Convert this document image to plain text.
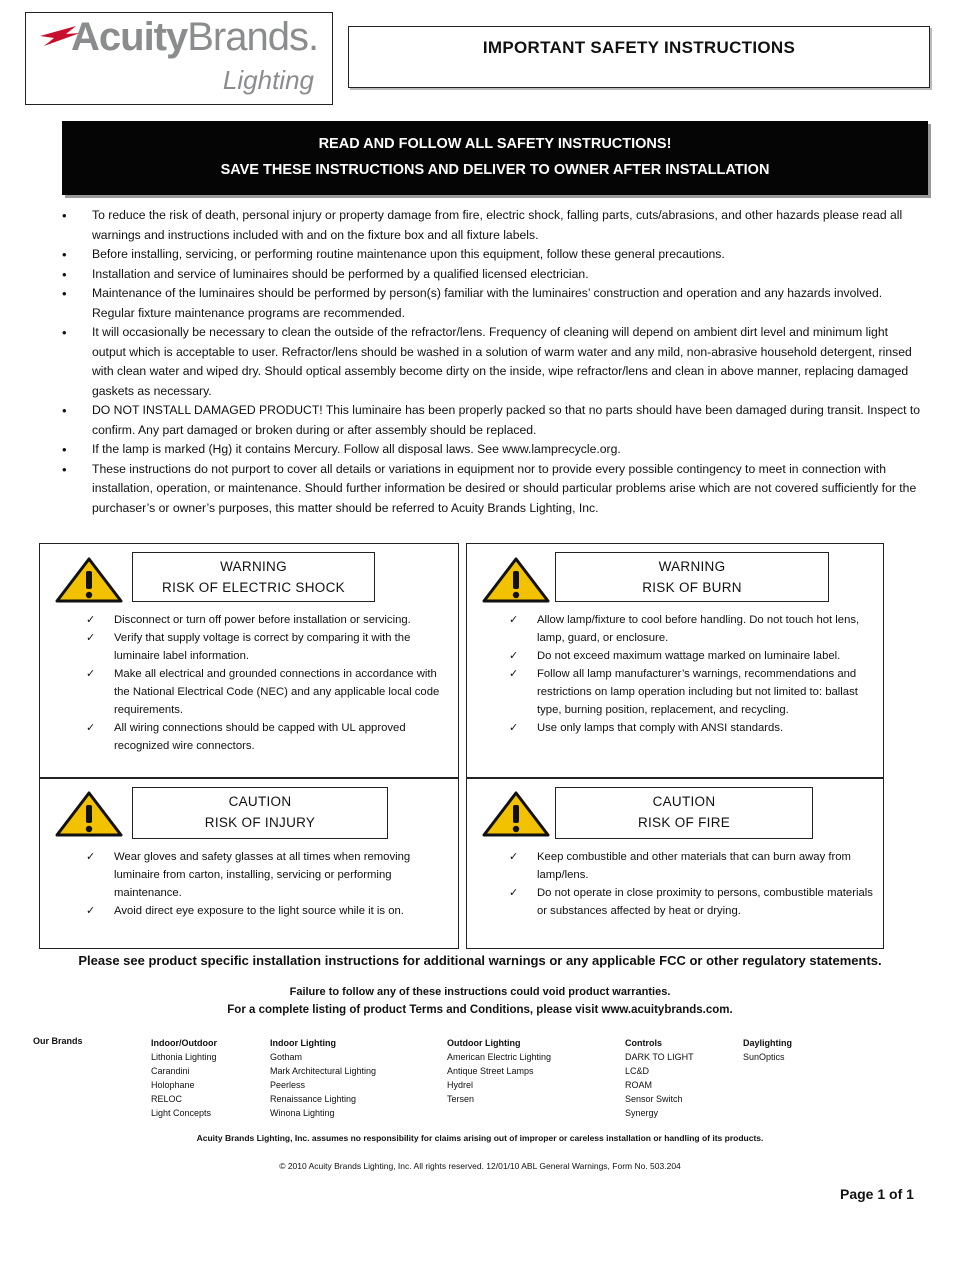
AcuityBrands.
Lighting
IMPORTANT SAFETY INSTRUCTIONS
READ AND FOLLOW ALL SAFETY INSTRUCTIONS!
SAVE THESE INSTRUCTIONS AND DELIVER TO OWNER AFTER INSTALLATION
• To reduce the risk of death, personal injury or property damage from fire, electric shock, falling parts, cuts/abrasions, and other hazards please read all warnings and instructions included with and on the fixture box and all fixture labels.
• Before installing, servicing, or performing routine maintenance upon this equipment, follow these general precautions.
• Installation and service of luminaires should be performed by a qualified licensed electrician.
• Maintenance of the luminaires should be performed by person(s) familiar with the luminaires’ construction and operation and any hazards involved. Regular fixture maintenance programs are recommended.
• It will occasionally be necessary to clean the outside of the refractor/lens. Frequency of cleaning will depend on ambient dirt level and minimum light output which is acceptable to user. Refractor/lens should be washed in a solution of warm water and any mild, non-abrasive household detergent, rinsed with clean water and wiped dry. Should optical assembly become dirty on the inside, wipe refractor/lens and clean in above manner, replacing damaged gaskets as necessary.
• DO NOT INSTALL DAMAGED PRODUCT! This luminaire has been properly packed so that no parts should have been damaged during transit. Inspect to confirm. Any part damaged or broken during or after assembly should be replaced.
• If the lamp is marked (Hg) it contains Mercury. Follow all disposal laws. See www.lamprecycle.org.
• These instructions do not purport to cover all details or variations in equipment nor to provide every possible contingency to meet in connection with installation, operation, or maintenance. Should further information be desired or should particular problems arise which are not covered sufficiently for the purchaser’s or owner’s purposes, this matter should be referred to Acuity Brands Lighting, Inc.
WARNING
RISK OF ELECTRIC SHOCK
✓ Disconnect or turn off power before installation or servicing.
✓ Verify that supply voltage is correct by comparing it with the luminaire label information.
✓ Make all electrical and grounded connections in accordance with the National Electrical Code (NEC) and any applicable local code requirements.
✓ All wiring connections should be capped with UL approved recognized wire connectors.
WARNING
RISK OF BURN
✓ Allow lamp/fixture to cool before handling. Do not touch hot lens, lamp, guard, or enclosure.
✓ Do not exceed maximum wattage marked on luminaire label.
✓ Follow all lamp manufacturer’s warnings, recommendations and restrictions on lamp operation including but not limited to: ballast type, burning position, replacement, and recycling.
✓ Use only lamps that comply with ANSI standards.
CAUTION
RISK OF INJURY
✓ Wear gloves and safety glasses at all times when removing luminaire from carton, installing, servicing or performing maintenance.
✓ Avoid direct eye exposure to the light source while it is on.
CAUTION
RISK OF FIRE
✓ Keep combustible and other materials that can burn away from lamp/lens.
✓ Do not operate in close proximity to persons, combustible materials or substances affected by heat or drying.
Please see product specific installation instructions for additional warnings or any applicable FCC or other regulatory statements.
Failure to follow any of these instructions could void product warranties.
For a complete listing of product Terms and Conditions, please visit www.acuitybrands.com.
Our Brands	Indoor/Outdoor
Lithonia Lighting
Carandini
Holophane
RELOC
Light Concepts
Indoor Lighting
Gotham
Mark Architectural Lighting
Peerless
Renaissance Lighting
Winona Lighting
Outdoor Lighting
American Electric Lighting
Antique Street Lamps
Hydrel
Tersen
Controls
DARK TO LIGHT
LC&D
ROAM
Sensor Switch
Synergy
Daylighting
SunOptics
Acuity Brands Lighting, Inc. assumes no responsibility for claims arising out of improper or careless installation or handling of its products.
© 2010 Acuity Brands Lighting, Inc. All rights reserved. 12/01/10 ABL General Warnings, Form No. 503.204
Page 1 of 1
